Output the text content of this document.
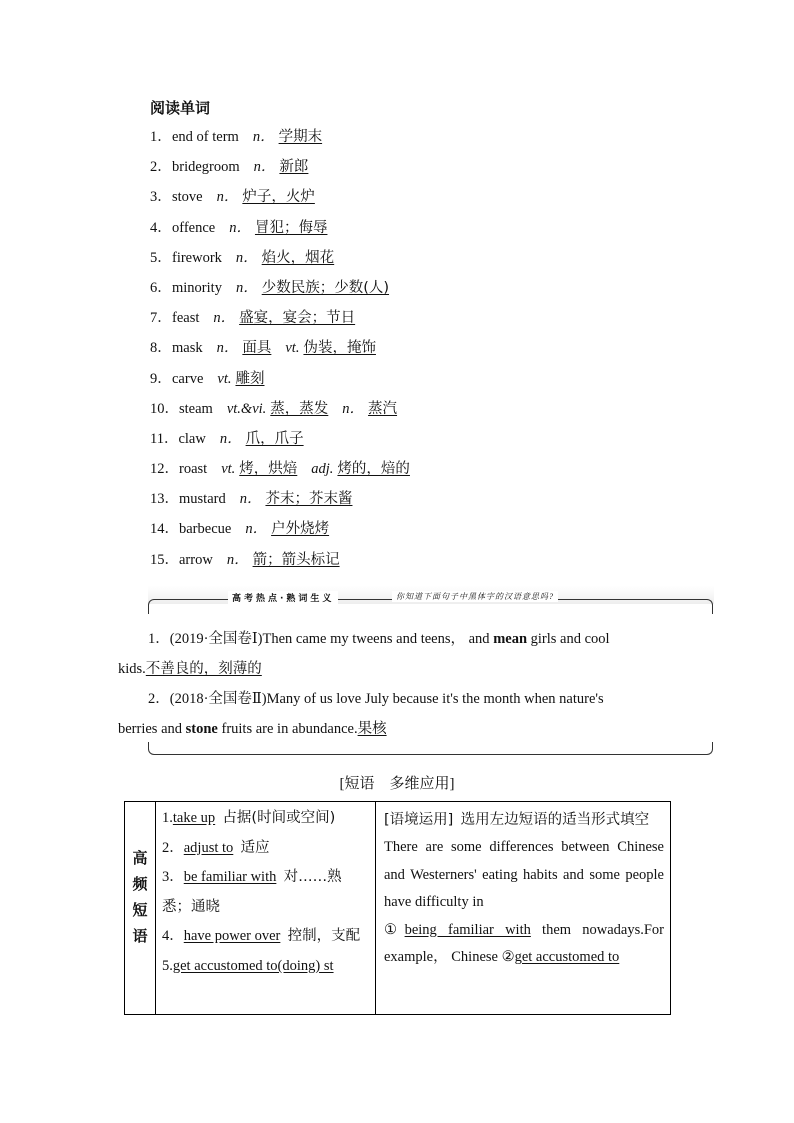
阅读单词
1．end of term n． 学期末
2．bridegroom n． 新郎
3．stove n． 炉子，火炉
4．offence n． 冒犯；侮辱
5．firework n． 焰火，烟花
6．minority n． 少数民族；少数(人)
7．feast n． 盛宴，宴会；节日
8．mask n． 面具 vt. 伪装，掩饰
9．carve vt. 雕刻
10．steam vt.&vi. 蒸，蒸发 n． 蒸汽
11．claw n． 爪，爪子
12．roast vt. 烤，烘焙 adj. 烤的，焙的
13．mustard n． 芥末；芥末酱
14．barbecue n． 户外烧烤
15．arrow n． 箭；箭头标记
高考热点·熟词生义	你知道下面句子中黑体字的汉语意思吗?
1．(2019·全国卷Ⅰ)Then came my tweens and teens， and mean girls and cool
kids.不善良的，刻薄的
2．(2018·全国卷Ⅱ)Many of us love July because it's the month when nature's
berries and stone fruits are in abundance.果核
[短语　多维应用]
高
频
短
语

1.take up 占据(时间或空间)
2．adjust to 适应
3．be familiar with 对……熟悉；通晓
4．have power over 控制，支配
5.get accustomed to(doing) st

[语境运用] 选用左边短语的适当形式填空
There are some differences between Chinese and Westerners' eating habits and some people have difficulty in
①being familiar with them nowadays.For example， Chinese ②get accustomed to
